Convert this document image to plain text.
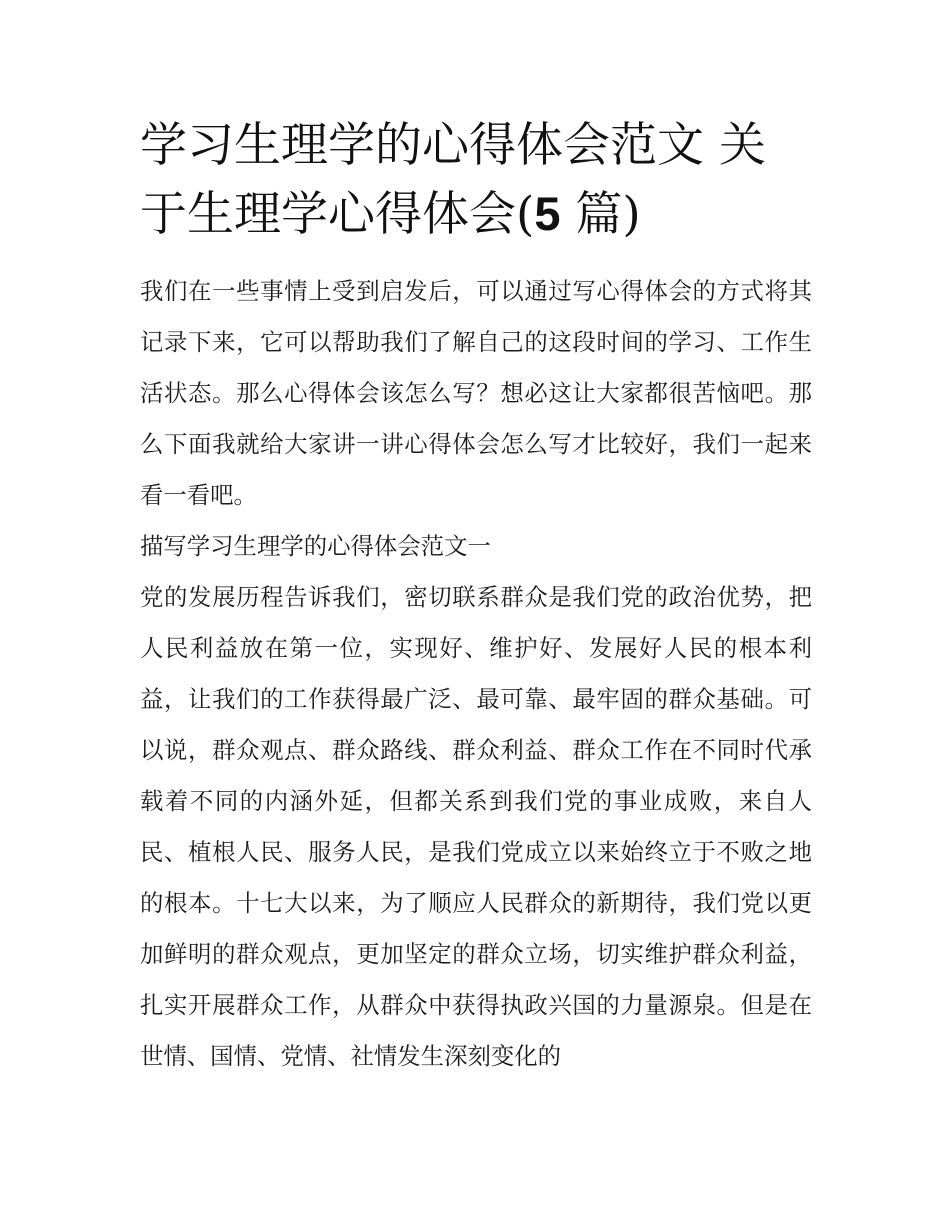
学习生理学的心得体会范文 关于生理学心得体会(5 篇)

我们在一些事情上受到启发后，可以通过写心得体会的方式将其记录下来，它可以帮助我们了解自己的这段时间的学习、工作生活状态。那么心得体会该怎么写？想必这让大家都很苦恼吧。那么下面我就给大家讲一讲心得体会怎么写才比较好，我们一起来看一看吧。

描写学习生理学的心得体会范文一

党的发展历程告诉我们，密切联系群众是我们党的政治优势，把人民利益放在第一位，实现好、维护好、发展好人民的根本利益，让我们的工作获得最广泛、最可靠、最牢固的群众基础。可以说，群众观点、群众路线、群众利益、群众工作在不同时代承载着不同的内涵外延，但都关系到我们党的事业成败，来自人民、植根人民、服务人民，是我们党成立以来始终立于不败之地的根本。十七大以来，为了顺应人民群众的新期待，我们党以更加鲜明的群众观点，更加坚定的群众立场，切实维护群众利益，扎实开展群众工作，从群众中获得执政兴国的力量源泉。但是在世情、国情、党情、社情发生深刻变化的
